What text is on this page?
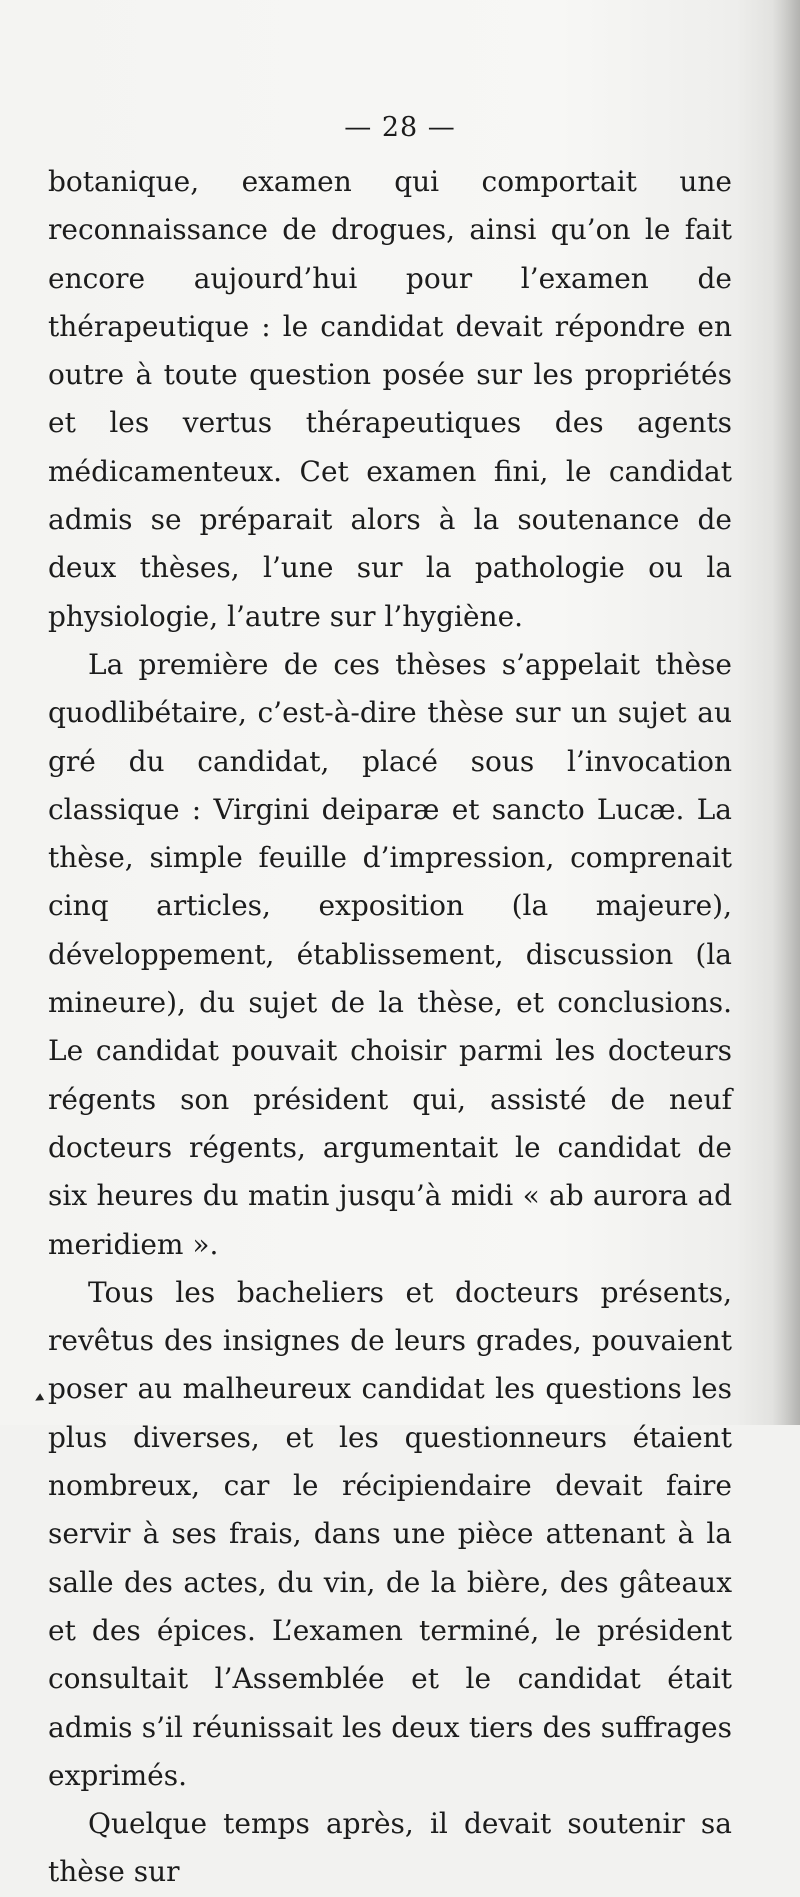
— 28 —

botanique, examen qui comportait une reconnaissance de drogues, ainsi qu’on le fait encore aujourd’hui pour l’examen de thérapeutique : le candidat devait répondre en outre à toute question posée sur les propriétés et les vertus thérapeutiques des agents médicamenteux. Cet examen fini, le candidat admis se préparait alors à la soutenance de deux thèses, l’une sur la pathologie ou la physiologie, l’autre sur l’hygiène.

La première de ces thèses s’appelait thèse quodlibétaire, c’est-à-dire thèse sur un sujet au gré du candidat, placé sous l’invocation classique : Virgini deiparæ et sancto Lucæ. La thèse, simple feuille d’impression, comprenait cinq articles, exposition (la majeure), développement, établissement, discussion (la mineure), du sujet de la thèse, et conclusions. Le candidat pouvait choisir parmi les docteurs régents son président qui, assisté de neuf docteurs régents, argumentait le candidat de six heures du matin jusqu’à midi « ab aurora ad meridiem ».

Tous les bacheliers et docteurs présents, revêtus des insignes de leurs grades, pouvaient poser au malheureux candidat les questions les plus diverses, et les questionneurs étaient nombreux, car le récipiendaire devait faire servir à ses frais, dans une pièce attenant à la salle des actes, du vin, de la bière, des gâteaux et des épices. L’examen terminé, le président consultait l’Assemblée et le candidat était admis s’il réunissait les deux tiers des suffrages exprimés.

Quelque temps après, il devait soutenir sa thèse sur

◂
